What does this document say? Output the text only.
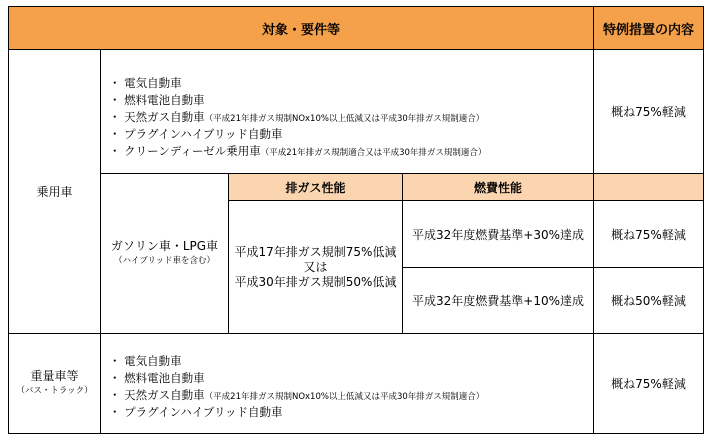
対象・要件等	特例措置の内容
乗用車
・ 電気自動車
・ 燃料電池自動車
・ 天然ガス自動車（平成21年排ガス規制NOx10%以上低減又は平成30年排ガス規制適合）
・ プラグインハイブリッド自動車
・ クリーンディーゼル乗用車（平成21年排ガス規制適合又は平成30年排ガス規制適合）
概ね75%軽減
ガソリン車・LPG車
（ハイブリッド車を含む）
排ガス性能	燃費性能
平成17年排ガス規制75%低減
又は
平成30年排ガス規制50%低減
平成32年度燃費基準+30%達成 概ね75%軽減
平成32年度燃費基準+10%達成 概ね50%軽減
重量車等
（バス・トラック）
・ 電気自動車
・ 燃料電池自動車
・ 天然ガス自動車（平成21年排ガス規制NOx10%以上低減又は平成30年排ガス規制適合）
・ プラグインハイブリッド自動車
概ね75%軽減
